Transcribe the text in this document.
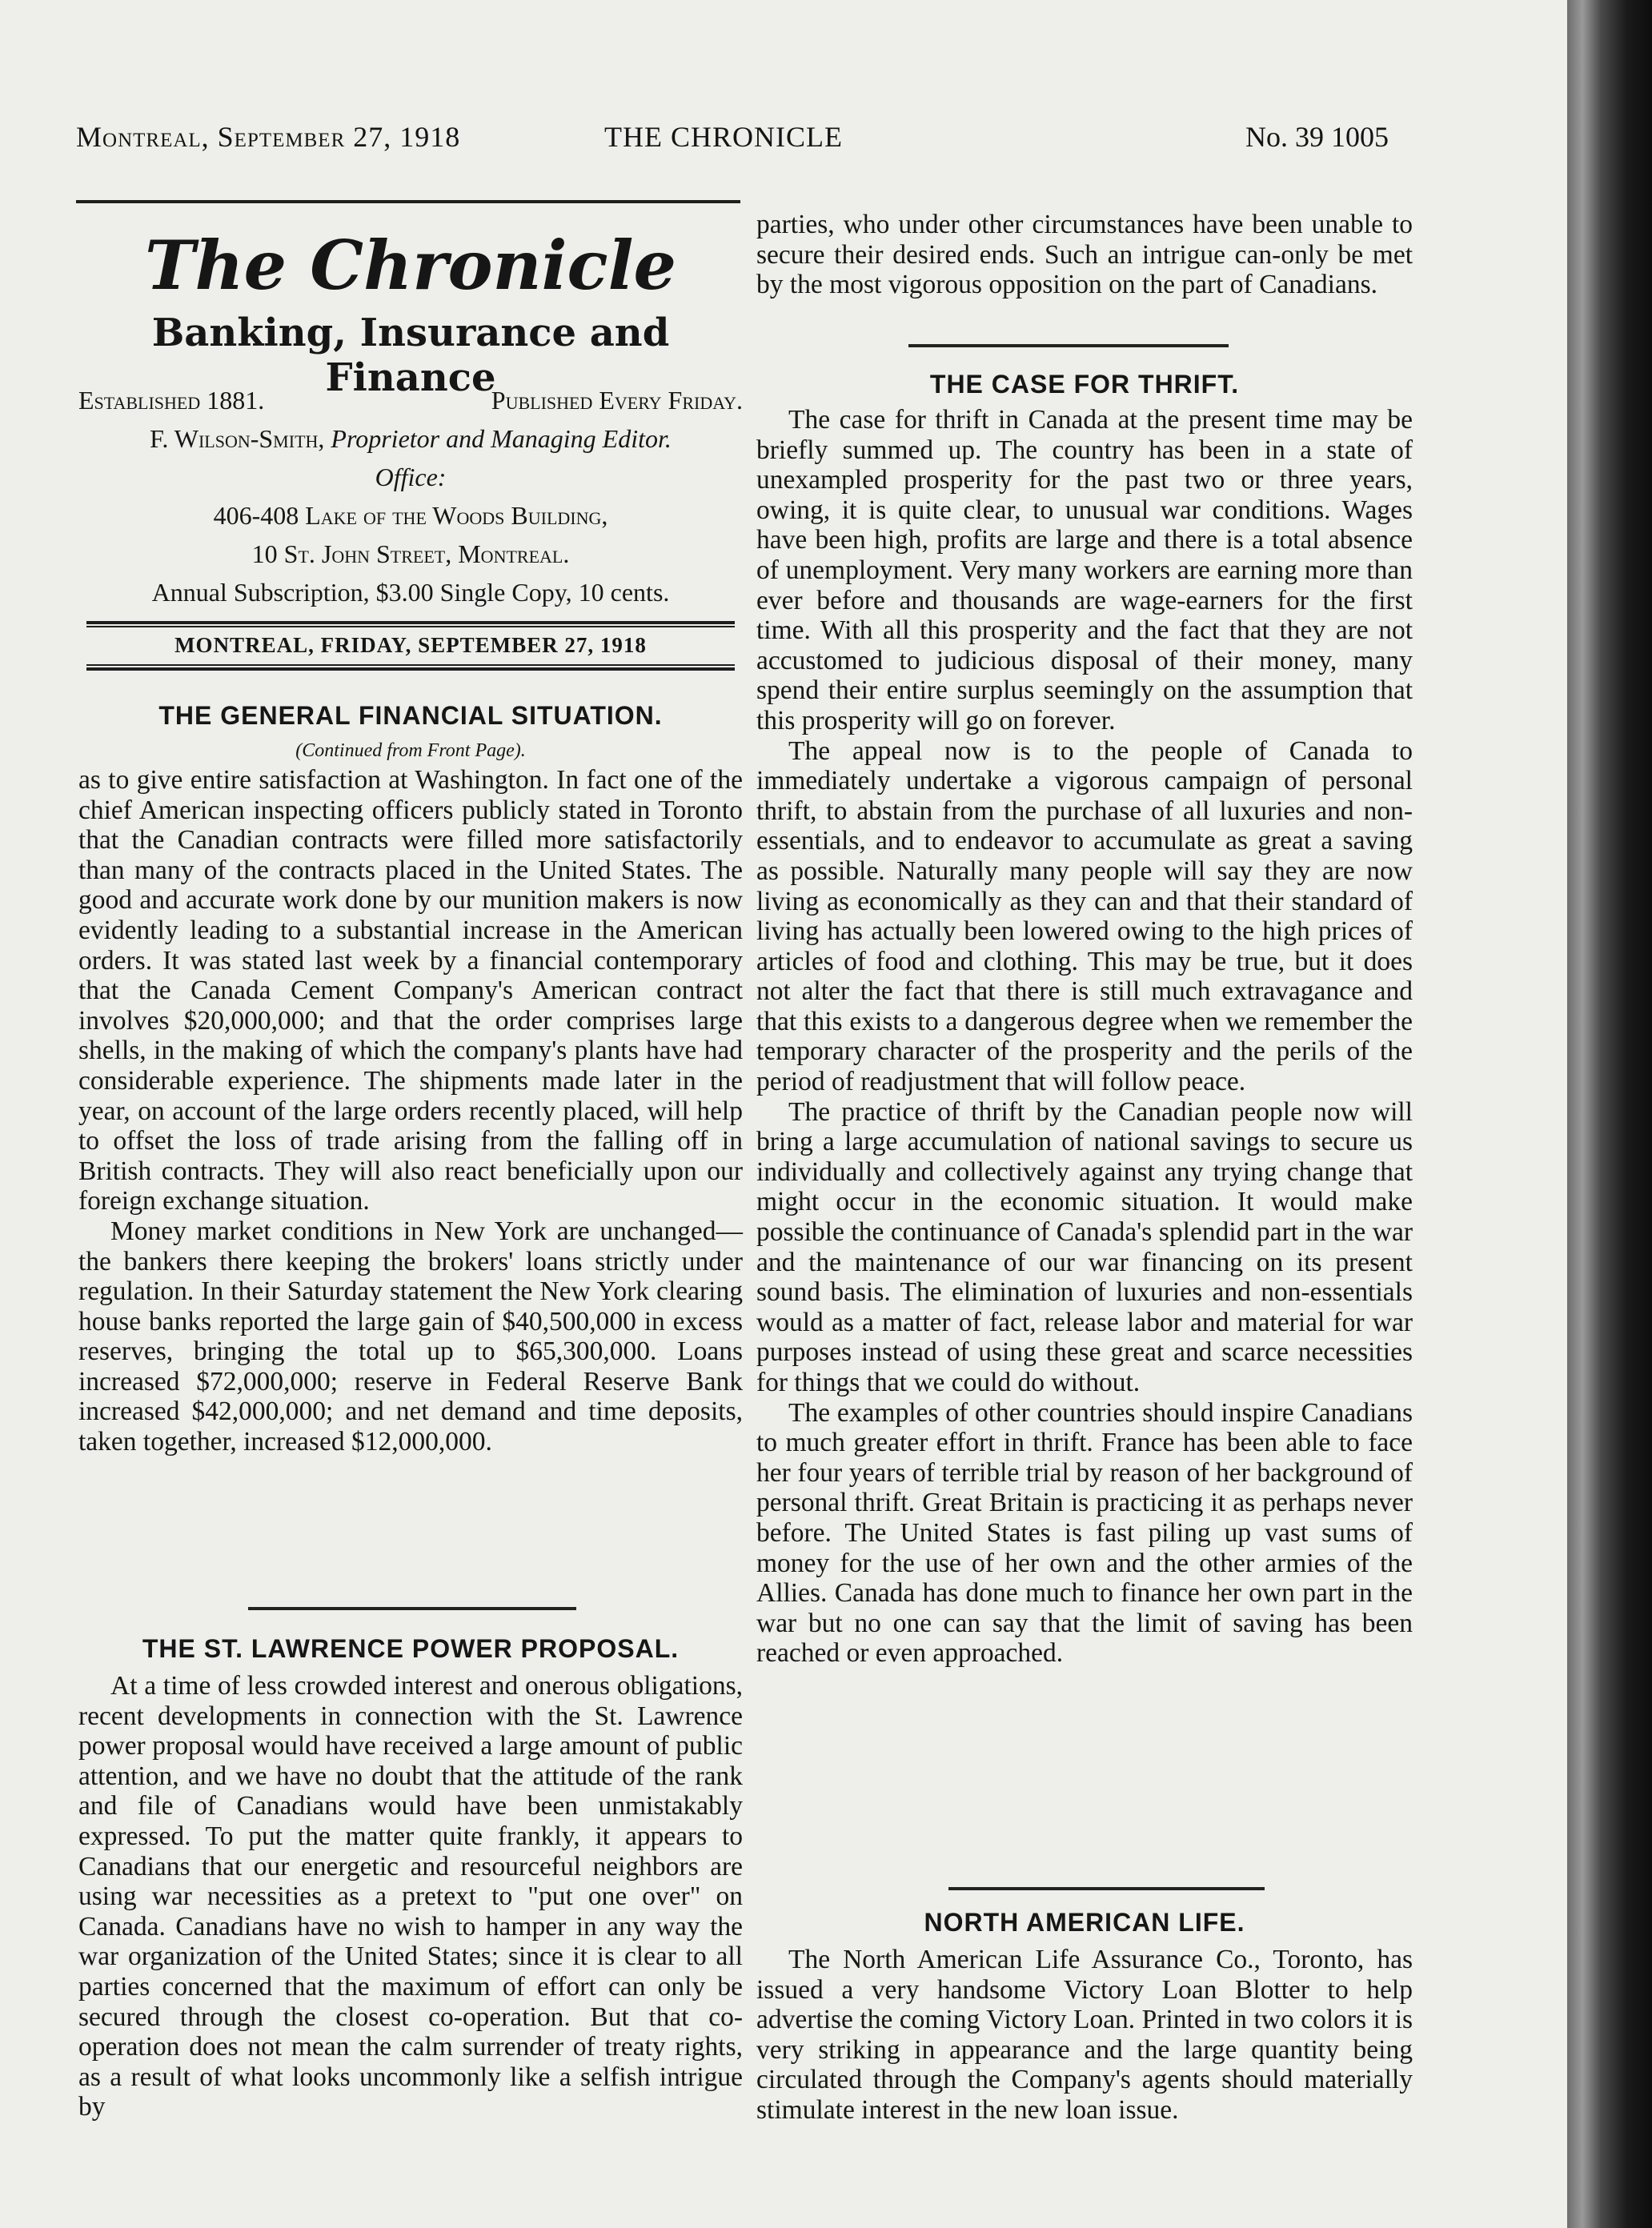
Montreal, September 27, 1918	THE CHRONICLE	No. 39 1005
The Chronicle
Banking, Insurance and Finance
Established 1881.	Published Every Friday.
F. Wilson-Smith, Proprietor and Managing Editor.
Office:
406-408 Lake of the Woods Building,
10 St. John Street, Montreal.
Annual Subscription, $3.00 Single Copy, 10 cents.
MONTREAL, FRIDAY, SEPTEMBER 27, 1918
THE GENERAL FINANCIAL SITUATION.
(Continued from Front Page).

as to give entire satisfaction at Washington. In fact one of the chief American inspecting officers publicly stated in Toronto that the Canadian contracts were filled more satisfactorily than many of the contracts placed in the United States. The good and accurate work done by our munition makers is now evidently leading to a substantial increase in the American orders. It was stated last week by a financial contemporary that the Canada Cement Company's American contract involves $20,000,000; and that the order comprises large shells, in the making of which the company's plants have had considerable experience. The shipments made later in the year, on account of the large orders recently placed, will help to offset the loss of trade arising from the falling off in British contracts. They will also react beneficially upon our foreign exchange situation.

Money market conditions in New York are unchanged—the bankers there keeping the brokers' loans strictly under regulation. In their Saturday statement the New York clearing house banks reported the large gain of $40,500,000 in excess reserves, bringing the total up to $65,300,000. Loans increased $72,000,000; reserve in Federal Reserve Bank increased $42,000,000; and net demand and time deposits, taken together, increased $12,000,000.

THE ST. LAWRENCE POWER PROPOSAL.

At a time of less crowded interest and onerous obligations, recent developments in connection with the St. Lawrence power proposal would have received a large amount of public attention, and we have no doubt that the attitude of the rank and file of Canadians would have been unmistakably expressed. To put the matter quite frankly, it appears to Canadians that our energetic and resourceful neighbors are using war necessities as a pretext to "put one over" on Canada. Canadians have no wish to hamper in any way the war organization of the United States; since it is clear to all parties concerned that the maximum of effort can only be secured through the closest co-operation. But that co-operation does not mean the calm surrender of treaty rights, as a result of what looks uncommonly like a selfish intrigue by

parties, who under other circumstances have been unable to secure their desired ends. Such an intrigue can-only be met by the most vigorous opposition on the part of Canadians.

THE CASE FOR THRIFT.

The case for thrift in Canada at the present time may be briefly summed up. The country has been in a state of unexampled prosperity for the past two or three years, owing, it is quite clear, to unusual war conditions. Wages have been high, profits are large and there is a total absence of unemployment. Very many workers are earning more than ever before and thousands are wage-earners for the first time. With all this prosperity and the fact that they are not accustomed to judicious disposal of their money, many spend their entire surplus seemingly on the assumption that this prosperity will go on forever.

The appeal now is to the people of Canada to immediately undertake a vigorous campaign of personal thrift, to abstain from the purchase of all luxuries and non-essentials, and to endeavor to accumulate as great a saving as possible. Naturally many people will say they are now living as economically as they can and that their standard of living has actually been lowered owing to the high prices of articles of food and clothing. This may be true, but it does not alter the fact that there is still much extravagance and that this exists to a dangerous degree when we remember the temporary character of the prosperity and the perils of the period of readjustment that will follow peace.

The practice of thrift by the Canadian people now will bring a large accumulation of national savings to secure us individually and collectively against any trying change that might occur in the economic situation. It would make possible the continuance of Canada's splendid part in the war and the maintenance of our war financing on its present sound basis. The elimination of luxuries and non-essentials would as a matter of fact, release labor and material for war purposes instead of using these great and scarce necessities for things that we could do without.

The examples of other countries should inspire Canadians to much greater effort in thrift. France has been able to face her four years of terrible trial by reason of her background of personal thrift. Great Britain is practicing it as perhaps never before. The United States is fast piling up vast sums of money for the use of her own and the other armies of the Allies. Canada has done much to finance her own part in the war but no one can say that the limit of saving has been reached or even approached.

NORTH AMERICAN LIFE.

The North American Life Assurance Co., Toronto, has issued a very handsome Victory Loan Blotter to help advertise the coming Victory Loan. Printed in two colors it is very striking in appearance and the large quantity being circulated through the Company's agents should materially stimulate interest in the new loan issue.
